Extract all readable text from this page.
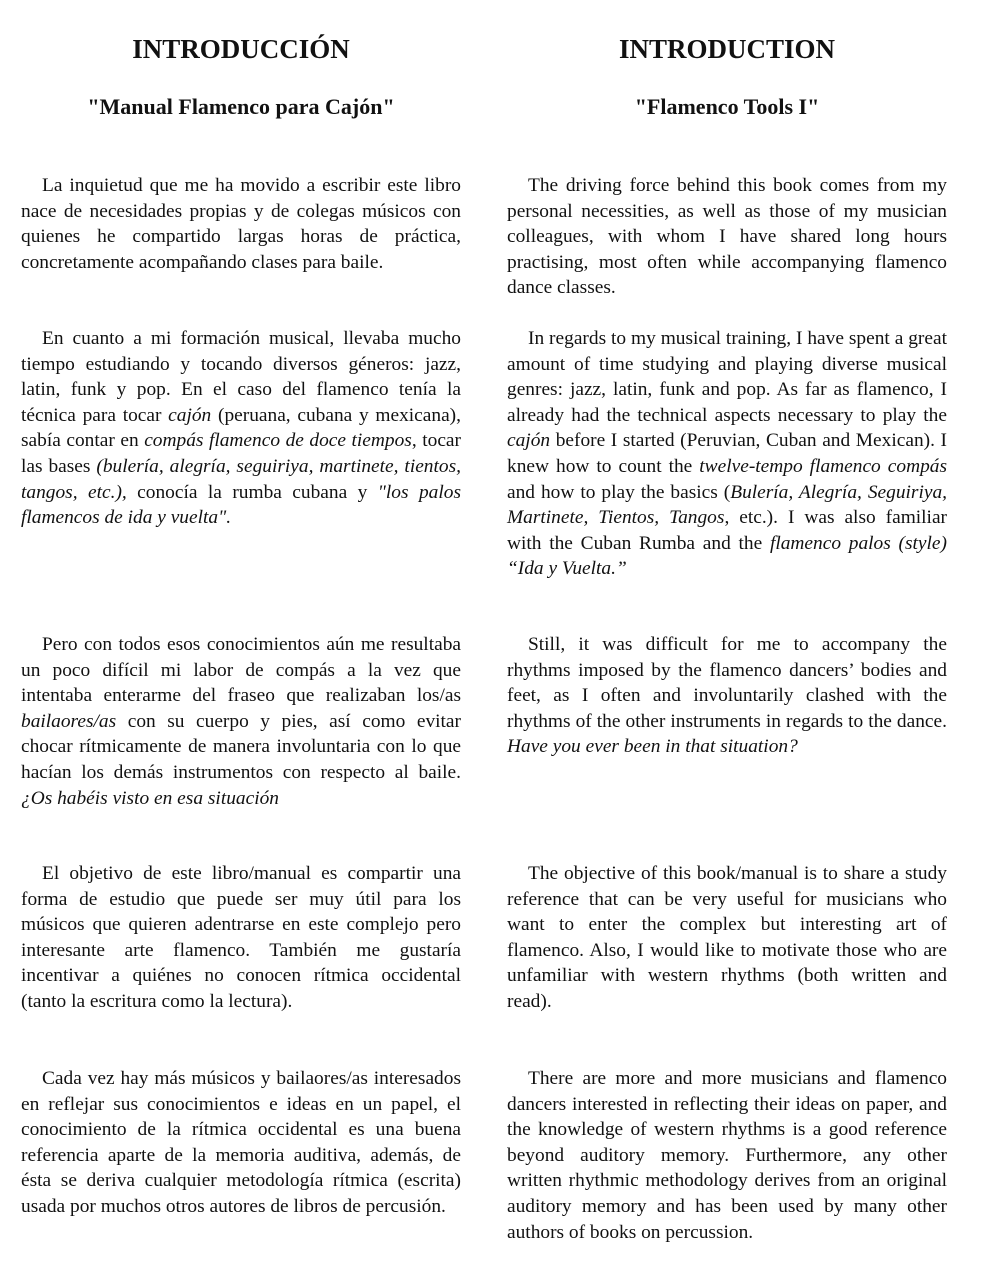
INTRODUCCIÓN
"Manual Flamenco para Cajón"

La inquietud que me ha movido a escribir este libro nace de necesidades propias y de colegas músicos con quienes he compartido largas horas de práctica, concretamente acompañando clases para baile.

En cuanto a mi formación musical, llevaba mucho tiempo estudiando y tocando diversos géneros: jazz, latin, funk y pop. En el caso del flamenco tenía la técnica para tocar cajón (peruana, cubana y mexicana), sabía contar en compás flamenco de doce tiempos, tocar las bases (bulería, alegría, seguiriya, martinete, tientos, tangos, etc.), conocía la rumba cubana y "los palos flamencos de ida y vuelta".

Pero con todos esos conocimientos aún me resultaba un poco difícil mi labor de compás a la vez que intentaba enterarme del fraseo que realizaban los/as bailaores/as con su cuerpo y pies, así como evitar chocar rítmicamente de manera involuntaria con lo que hacían los demás instrumentos con respecto al baile. ¿Os habéis visto en esa situación

El objetivo de este libro/manual es compartir una forma de estudio que puede ser muy útil para los músicos que quieren adentrarse en este complejo pero interesante arte flamenco. También me gustaría incentivar a quiénes no conocen rítmica occidental (tanto la escritura como la lectura).

Cada vez hay más músicos y bailaores/as interesados en reflejar sus conocimientos e ideas en un papel, el conocimiento de la rítmica occidental es una buena referencia aparte de la memoria auditiva, además, de ésta se deriva cualquier metodología rítmica (escrita) usada por muchos otros autores de libros de percusión.

INTRODUCTION
"Flamenco Tools I"

The driving force behind this book comes from my personal necessities, as well as those of my musician colleagues, with whom I have shared long hours practising, most often while accompanying flamenco dance classes.

In regards to my musical training, I have spent a great amount of time studying and playing diverse musical genres: jazz, latin, funk and pop. As far as flamenco, I already had the technical aspects necessary to play the cajón before I started (Peruvian, Cuban and Mexican). I knew how to count the twelve-tempo flamenco compás and how to play the basics (Bulería, Alegría, Seguiriya, Martinete, Tientos, Tangos, etc.). I was also familiar with the Cuban Rumba and the flamenco palos (style) “Ida y Vuelta.”

Still, it was difficult for me to accompany the rhythms imposed by the flamenco dancers’ bodies and feet, as I often and involuntarily clashed with the rhythms of the other instruments in regards to the dance. Have you ever been in that situation?

The objective of this book/manual is to share a study reference that can be very useful for musicians who want to enter the complex but interesting art of flamenco. Also, I would like to motivate those who are unfamiliar with western rhythms (both written and read).

There are more and more musicians and flamenco dancers interested in reflecting their ideas on paper, and the knowledge of western rhythms is a good reference beyond auditory memory. Furthermore, any other written rhythmic methodology derives from an original auditory memory and has been used by many other authors of books on percussion.
